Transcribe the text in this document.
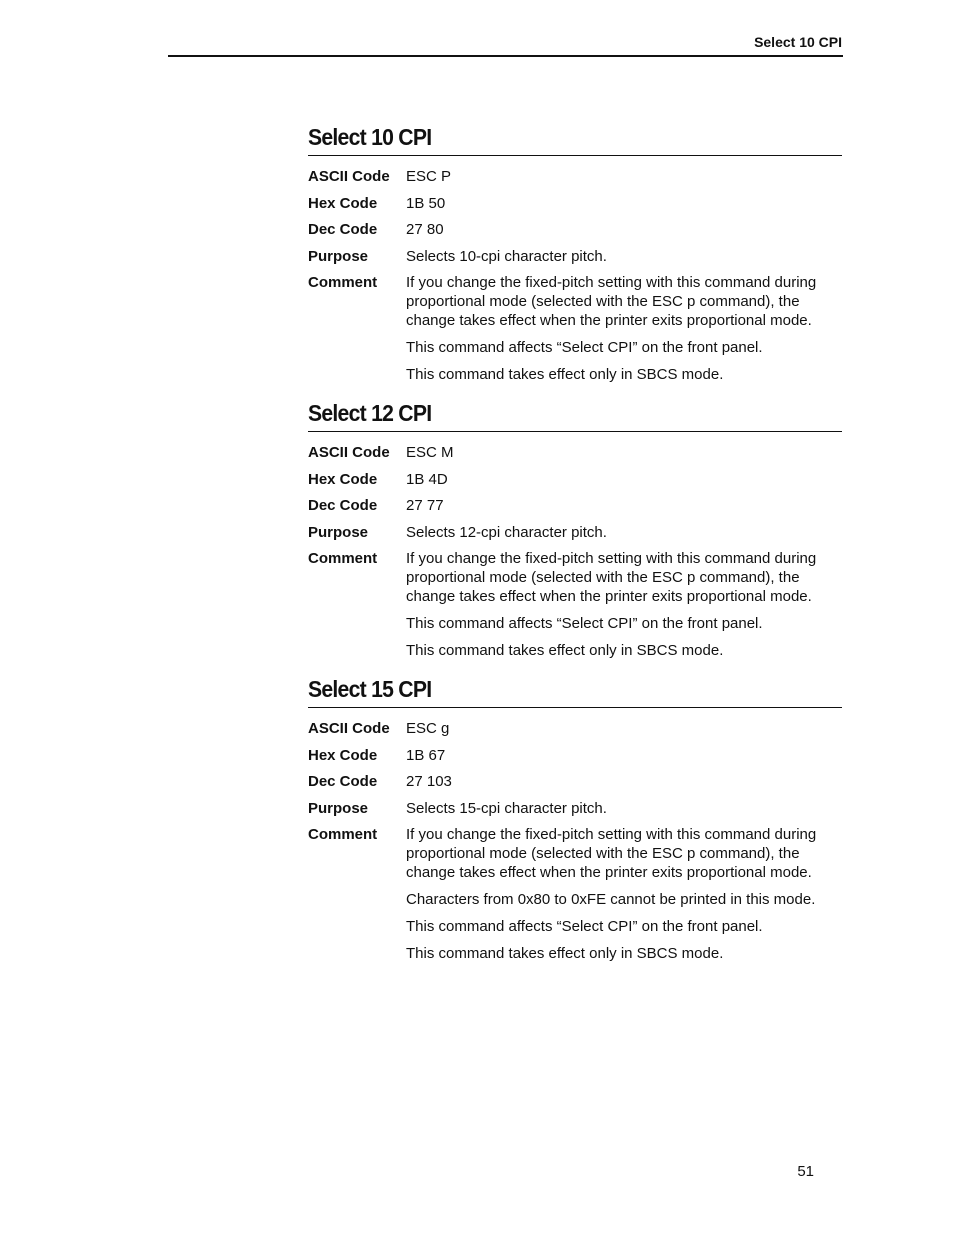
Select 10 CPI
Select 10 CPI
ASCII Code	ESC P

Hex Code	1B 50

Dec Code	27 80

Purpose	Selects 10-cpi character pitch.

Comment	If you change the fixed-pitch setting with this command during proportional mode (selected with the ESC p command), the change takes effect when the printer exits proportional mode.

This command affects “Select CPI” on the front panel.

This command takes effect only in SBCS mode.

Select 12 CPI
ASCII Code	ESC M

Hex Code	1B 4D

Dec Code	27 77

Purpose	Selects 12-cpi character pitch.

Comment	If you change the fixed-pitch setting with this command during proportional mode (selected with the ESC p command), the change takes effect when the printer exits proportional mode.

This command affects “Select CPI” on the front panel.

This command takes effect only in SBCS mode.

Select 15 CPI
ASCII Code	ESC g

Hex Code	1B 67

Dec Code	27 103

Purpose	Selects 15-cpi character pitch.

Comment	If you change the fixed-pitch setting with this command during proportional mode (selected with the ESC p command), the change takes effect when the printer exits proportional mode.

Characters from 0x80 to 0xFE cannot be printed in this mode.

This command affects “Select CPI” on the front panel.

This command takes effect only in SBCS mode.

51
